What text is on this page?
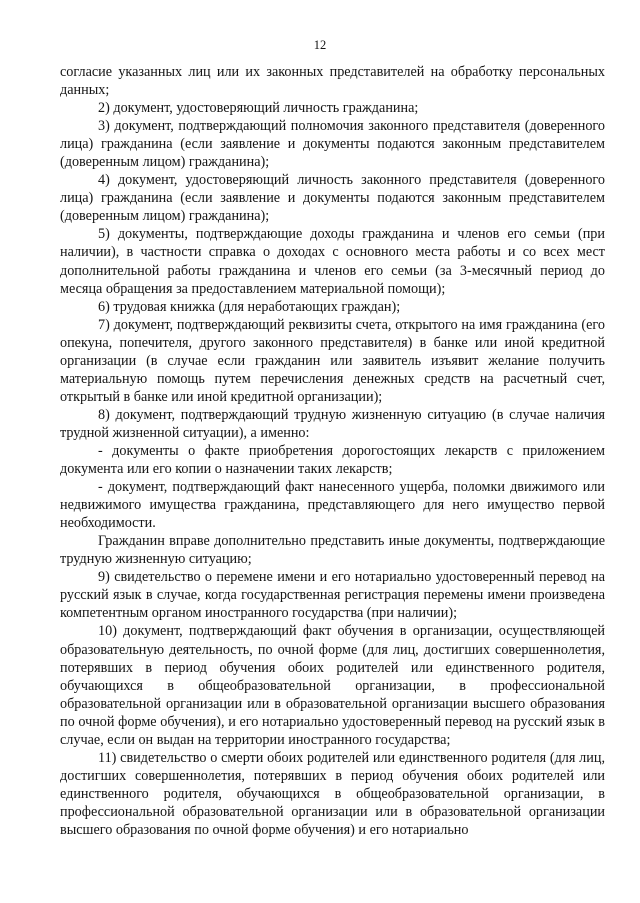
12

согласие указанных лиц или их законных представителей на обработку персональных данных;

2) документ, удостоверяющий личность гражданина;

3) документ, подтверждающий полномочия законного представителя (доверенного лица) гражданина (если заявление и документы подаются законным представителем (доверенным лицом) гражданина);

4) документ, удостоверяющий личность законного представителя (доверенного лица) гражданина (если заявление и документы подаются законным представителем (доверенным лицом) гражданина);

5) документы, подтверждающие доходы гражданина и членов его семьи (при наличии), в частности справка о доходах с основного места работы и со всех мест дополнительной работы гражданина и членов его семьи (за 3-месячный период до месяца обращения за предоставлением материальной помощи);

6) трудовая книжка (для неработающих граждан);

7) документ, подтверждающий реквизиты счета, открытого на имя гражданина (его опекуна, попечителя, другого законного представителя) в банке или иной кредитной организации (в случае если гражданин или заявитель изъявит желание получить материальную помощь путем перечисления денежных средств на расчетный счет, открытый в банке или иной кредитной организации);

8) документ, подтверждающий трудную жизненную ситуацию (в случае наличия трудной жизненной ситуации), а именно:

- документы о факте приобретения дорогостоящих лекарств с приложением документа или его копии о назначении таких лекарств;

- документ, подтверждающий факт нанесенного ущерба, поломки движимого или недвижимого имущества гражданина, представляющего для него имущество первой необходимости.

Гражданин вправе дополнительно представить иные документы, подтверждающие трудную жизненную ситуацию;

9) свидетельство о перемене имени и его нотариально удостоверенный перевод на русский язык в случае, когда государственная регистрация перемены имени произведена компетентным органом иностранного государства (при наличии);

10) документ, подтверждающий факт обучения в организации, осуществляющей образовательную деятельность, по очной форме (для лиц, достигших совершеннолетия, потерявших в период обучения обоих родителей или единственного родителя, обучающихся в общеобразовательной организации, в профессиональной образовательной организации или в образовательной организации высшего образования по очной форме обучения), и его нотариально удостоверенный перевод на русский язык в случае, если он выдан на территории иностранного государства;

11) свидетельство о смерти обоих родителей или единственного родителя (для лиц, достигших совершеннолетия, потерявших в период обучения обоих родителей или единственного родителя, обучающихся в общеобразовательной организации, в профессиональной образовательной организации или в образовательной организации высшего образования по очной форме обучения) и его нотариально
